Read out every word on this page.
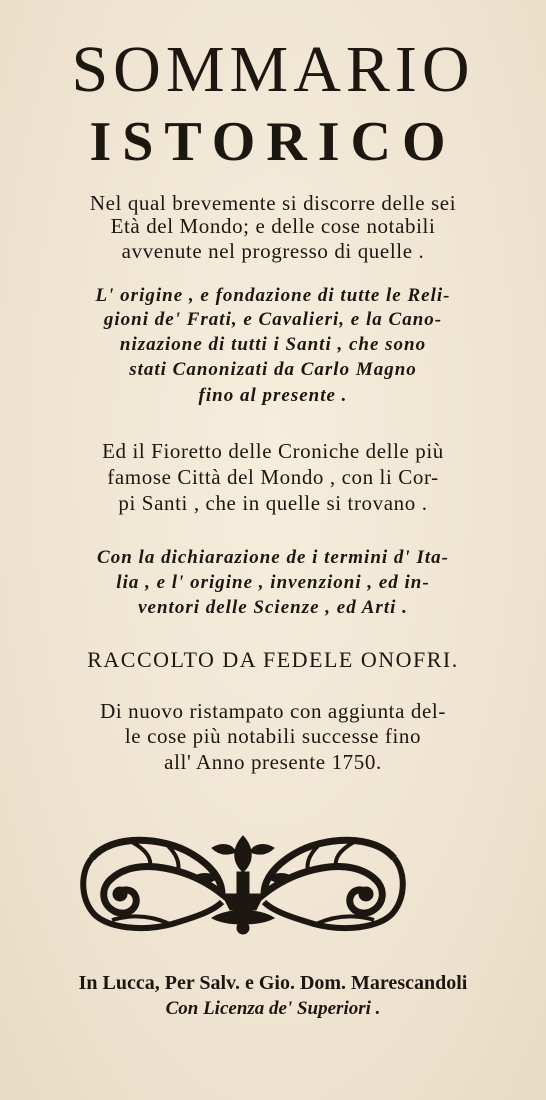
SOMMARIO
ISTORICO
Nel qual brevemente si discorre delle sei
Età del Mondo; e delle cose notabili
avvenute nel progresso di quelle .
L' origine , e fondazione di tutte le Reli-
gioni de' Frati, e Cavalieri, e la Cano-
nizazione di tutti i Santi , che sono
stati Canonizati da Carlo Magno
fino al presente .
Ed il Fioretto delle Croniche delle più
famose Città del Mondo , con li Cor-
pi Santi , che in quelle si trovano .
Con la dichiarazione de i termini d' Ita-
lia , e l' origine , invenzioni , ed in-
ventori delle Scienze , ed Arti .
RACCOLTO DA FEDELE ONOFRI.
Di nuovo ristampato con aggiunta del-
le cose più notabili successe fino
all' Anno presente 1750.
In Lucca, Per Salv. e Gio. Dom. Marescandoli
Con Licenza de' Superiori .
